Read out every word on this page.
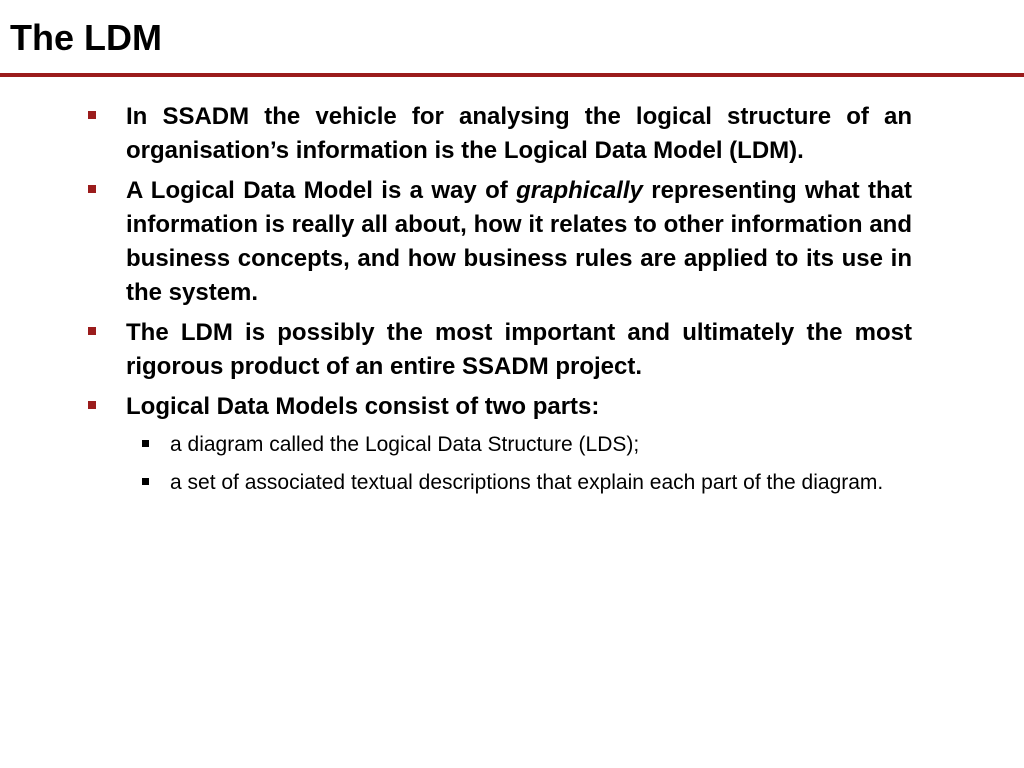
The LDM
In SSADM the vehicle for analysing the logical structure of an organisation’s information is the Logical Data Model (LDM).
A Logical Data Model is a way of graphically representing what that information is really all about, how it relates to other information and business concepts, and how business rules are applied to its use in the system.
The LDM is possibly the most important and ultimately the most rigorous product of an entire SSADM project.
Logical Data Models consist of two parts:
a diagram called the Logical Data Structure (LDS);
a set of associated textual descriptions that explain each part of the diagram.
